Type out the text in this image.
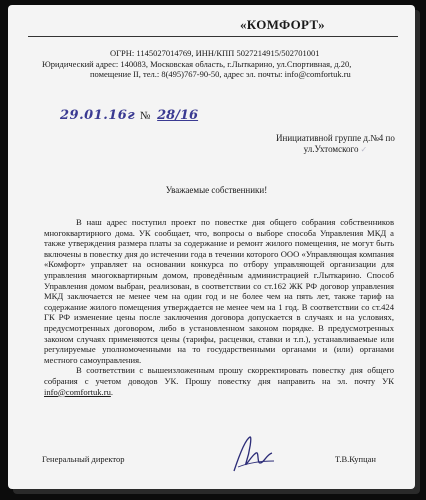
«КОМФОРТ»
ОГРН: 1145027014769, ИНН/КПП 5027214915/502701001
Юридический адрес: 140083, Московская область, г.Лыткарино, ул.Спортивная, д.20,
помещение II, тел.: 8(495)767-90-50, адрес эл. почты: info@comfortuk.ru
29.01.16г № 28/16
Инициативной группе д.№4 по
ул.Ухтомского ✓
Уважаемые собственники!

В наш адрес поступил проект по повестке дня общего собрания собственников многоквартирного дома. УК сообщает, что, вопросы о выборе способа Управления МКД а также утверждения размера платы за содержание и ремонт жилого помещения, не могут быть включены в повестку дня до истечении года в течении которого ООО «Управляющая компания «Комфорт» управляет на основании конкурса по отбору управляющей организации для управления многоквартирным домом, проведённым администрацией г.Лыткарино. Способ Управления домом выбран, реализован, в соответствии со ст.162 ЖК РФ договор управления МКД заключается не менее чем на один год и не более чем на пять лет, также тариф на содержание жилого помещения утверждается не менее чем на 1 год. В соответствии со ст.424 ГК РФ изменение цены после заключения договора допускается в случаях и на условиях, предусмотренных договором, либо в установленном законом порядке. В предусмотренных законом случаях применяются цены (тарифы, расценки, ставки и т.п.), устанавливаемые или регулируемые уполномоченными на то государственными органами и (или) органами местного самоуправления.

В соответствии с вышеизложенным прошу скорректировать повестку дня общего собрания с учетом доводов УК. Прошу повестку дня направить на эл. почту УК info@comfortuk.ru.

Генеральный директор	Т.В.Купцан
